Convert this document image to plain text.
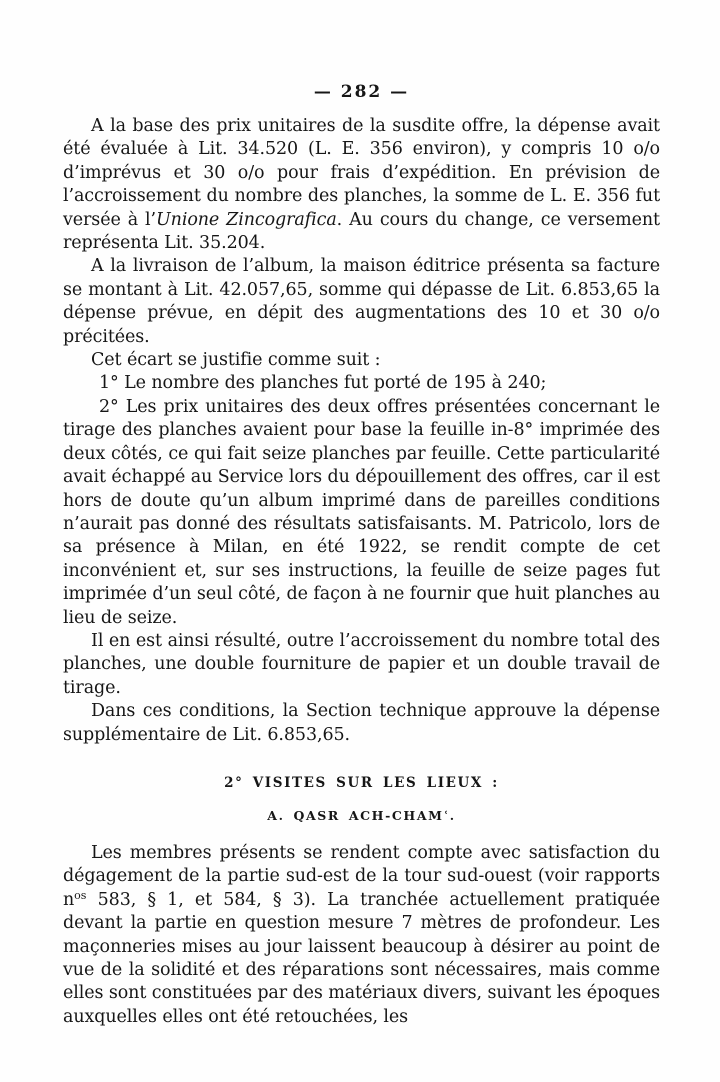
— 282 —

A la base des prix unitaires de la susdite offre, la dépense avait été évaluée à Lit. 34.520 (L. E. 356 environ), y compris 10 o/o d’imprévus et 30 o/o pour frais d’expédition. En prévision de l’accroissement du nombre des planches, la somme de L. E. 356 fut versée à l’Unione Zincografica. Au cours du change, ce versement représenta Lit. 35.204.

A la livraison de l’album, la maison éditrice présenta sa facture se montant à Lit. 42.057,65, somme qui dépasse de Lit. 6.853,65 la dépense prévue, en dépit des augmentations des 10 et 30 o/o précitées.

Cet écart se justifie comme suit :

1° Le nombre des planches fut porté de 195 à 240;

2° Les prix unitaires des deux offres présentées concernant le tirage des planches avaient pour base la feuille in-8° imprimée des deux côtés, ce qui fait seize planches par feuille. Cette particularité avait échappé au Service lors du dépouillement des offres, car il est hors de doute qu’un album imprimé dans de pareilles conditions n’aurait pas donné des résultats satisfaisants. M. Patricolo, lors de sa présence à Milan, en été 1922, se rendit compte de cet inconvénient et, sur ses instructions, la feuille de seize pages fut imprimée d’un seul côté, de façon à ne fournir que huit planches au lieu de seize.

Il en est ainsi résulté, outre l’accroissement du nombre total des planches, une double fourniture de papier et un double travail de tirage.

Dans ces conditions, la Section technique approuve la dépense supplémentaire de Lit. 6.853,65.

2° VISITES SUR LES LIEUX :
A. QASR ACH-CHAMʿ.

Les membres présents se rendent compte avec satisfaction du dégagement de la partie sud-est de la tour sud-ouest (voir rapports $n^{os}$ 583, § 1, et 584, § 3). La tranchée actuellement pratiquée devant la partie en question mesure 7 mètres de profondeur. Les maçonneries mises au jour laissent beaucoup à désirer au point de vue de la solidité et des réparations sont nécessaires, mais comme elles sont constituées par des matériaux divers, suivant les époques auxquelles elles ont été retouchées, les
